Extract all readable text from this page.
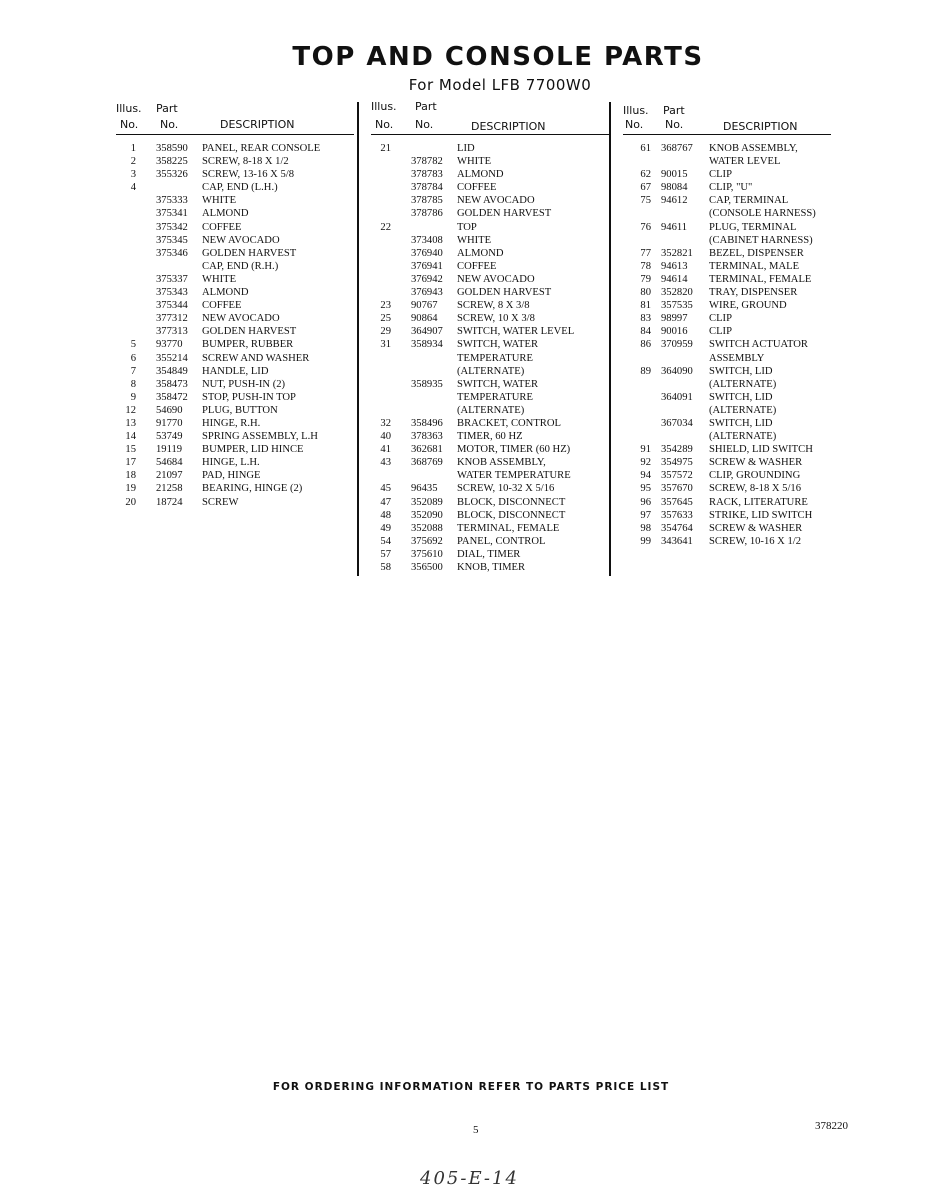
TOP AND CONSOLE PARTS
For Model LFB 7700W0
Illus.
No.
Part
No.	DESCRIPTION
1 358590 PANEL, REAR CONSOLE
2 358225 SCREW, 8-18 X 1/2
3 355326 SCREW, 13-16 X 5/8
4	CAP, END (L.H.)
375333 WHITE
375341 ALMOND
375342 COFFEE
375345 NEW AVOCADO
375346 GOLDEN HARVEST
CAP, END (R.H.)
375337 WHITE
375343 ALMOND
375344 COFFEE
377312 NEW AVOCADO
377313 GOLDEN HARVEST
5 93770 BUMPER, RUBBER
6 355214 SCREW AND WASHER
7 354849 HANDLE, LID
8 358473 NUT, PUSH-IN (2)
9 358472 STOP, PUSH-IN TOP
12 54690 PLUG, BUTTON
13 91770 HINGE, R.H.
14 53749 SPRING ASSEMBLY, L.H
15 19119 BUMPER, LID HINCE
17 54684 HINGE, L.H.
18 21097 PAD, HINGE
19 21258 BEARING, HINGE (2)
20 18724 SCREW
Illus.
No.
Part
No.	DESCRIPTION
21	LID
378782 WHITE
378783 ALMOND
378784 COFFEE
378785 NEW AVOCADO
378786 GOLDEN HARVEST
22	TOP
373408 WHITE
376940 ALMOND
376941 COFFEE
376942 NEW AVOCADO
376943 GOLDEN HARVEST
23 90767 SCREW, 8 X 3/8
25 90864 SCREW, 10 X 3/8
29 364907 SWITCH, WATER LEVEL
31 358934 SWITCH, WATER
TEMPERATURE
(ALTERNATE)
358935 SWITCH, WATER
TEMPERATURE
(ALTERNATE)
32 358496 BRACKET, CONTROL
40 378363 TIMER, 60 HZ
41 362681 MOTOR, TIMER (60 HZ)
43 368769 KNOB ASSEMBLY,
WATER TEMPERATURE
45 96435 SCREW, 10-32 X 5/16
47 352089 BLOCK, DISCONNECT
48 352090 BLOCK, DISCONNECT
49 352088 TERMINAL, FEMALE
54 375692 PANEL, CONTROL
57 375610 DIAL, TIMER
58 356500 KNOB, TIMER
Illus.
No.
Part
No.	DESCRIPTION
61 368767 KNOB ASSEMBLY,
WATER LEVEL
62 90015 CLIP
67 98084 CLIP, "U"
75 94612 CAP, TERMINAL
(CONSOLE HARNESS)
76 94611 PLUG, TERMINAL
(CABINET HARNESS)
77 352821 BEZEL, DISPENSER
78 94613 TERMINAL, MALE
79 94614 TERMINAL, FEMALE
80 352820 TRAY, DISPENSER
81 357535 WIRE, GROUND
83 98997 CLIP
84 90016 CLIP
86 370959 SWITCH ACTUATOR
ASSEMBLY
89 364090 SWITCH, LID
(ALTERNATE)
364091 SWITCH, LID
(ALTERNATE)
367034 SWITCH, LID
(ALTERNATE)
91 354289 SHIELD, LID SWITCH
92 354975 SCREW & WASHER
94 357572 CLIP, GROUNDING
95 357670 SCREW, 8-18 X 5/16
96 357645 RACK, LITERATURE
97 357633 STRIKE, LID SWITCH
98 354764 SCREW & WASHER
99 343641 SCREW, 10-16 X 1/2
FOR ORDERING INFORMATION REFER TO PARTS PRICE LIST
5	378220
405-E-14
